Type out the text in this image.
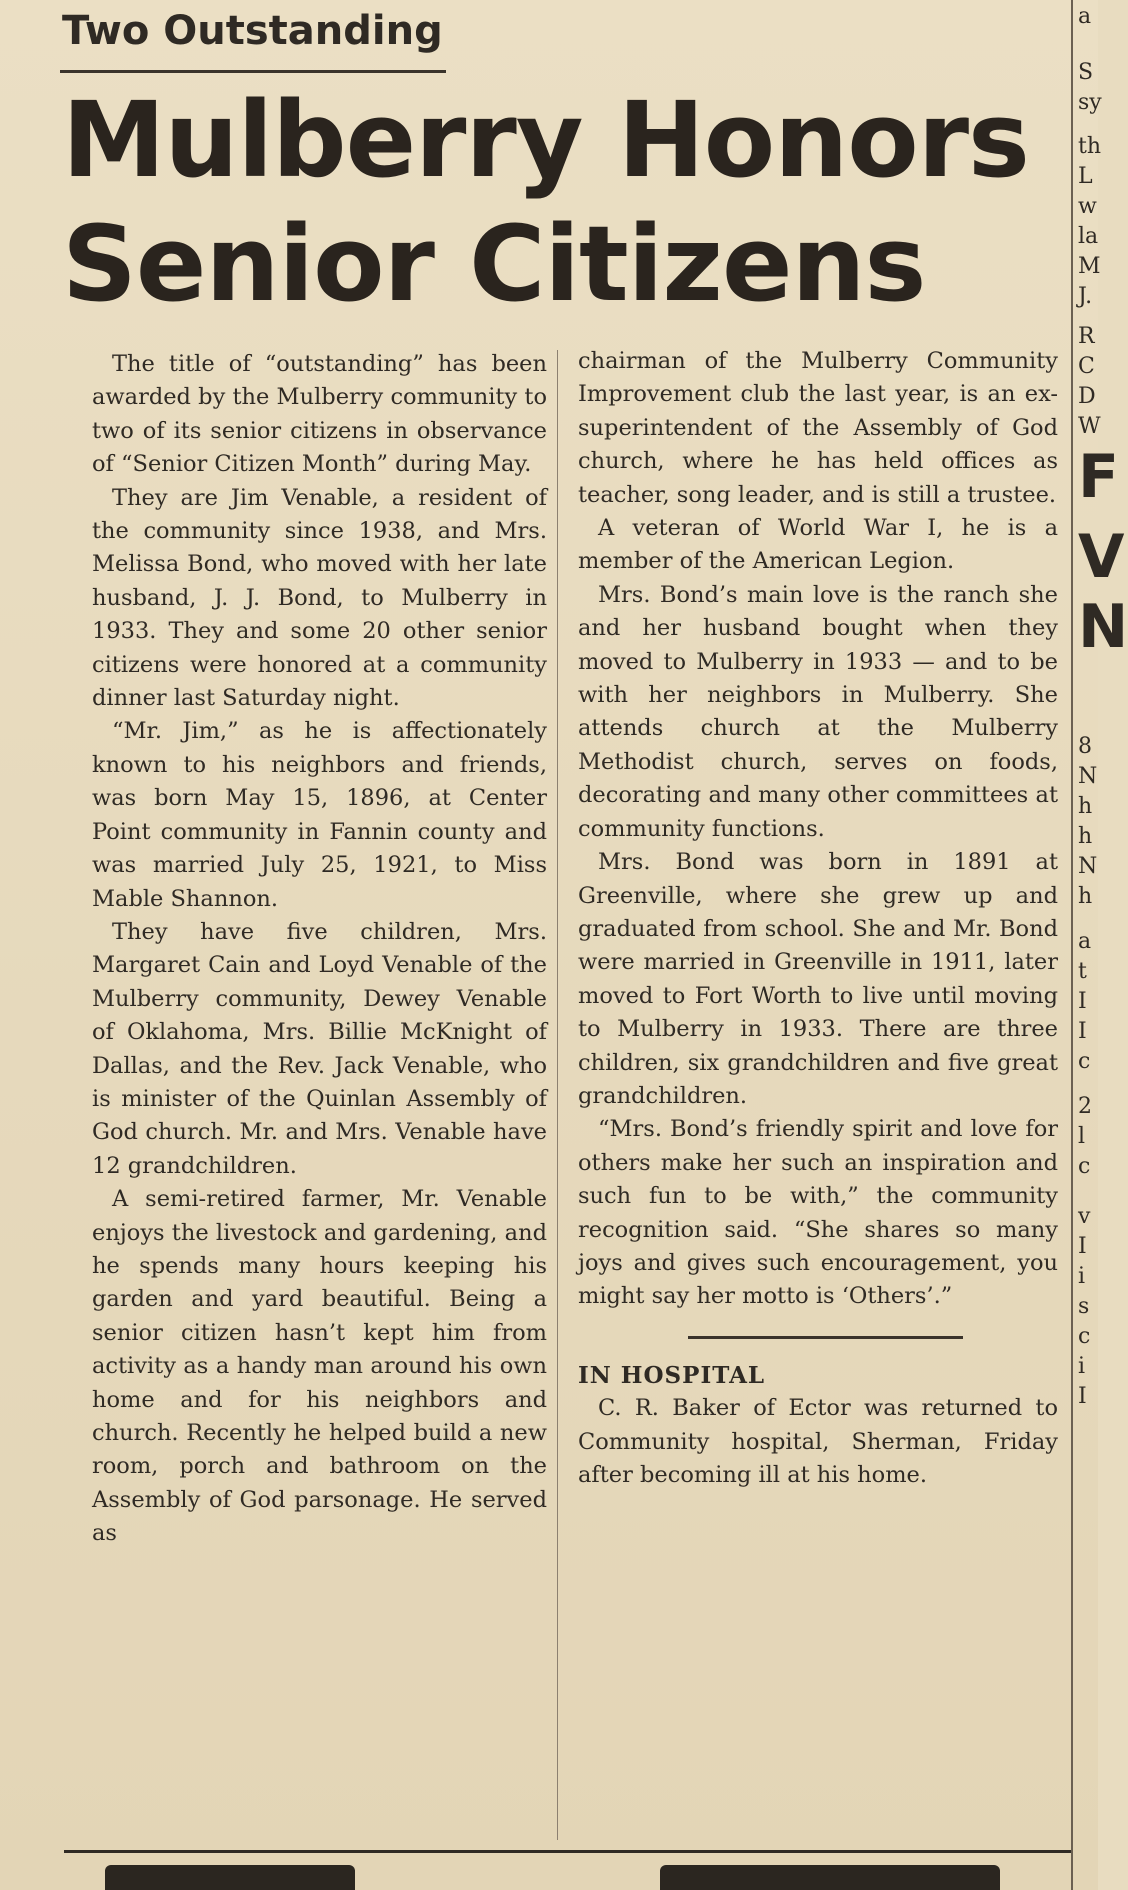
Two Outstanding
Mulberry Honors
Senior Citizens

The title of “outstanding” has been awarded by the Mulberry community to two of its senior citizens in observance of “Senior Citizen Month” during May.

They are Jim Venable, a resident of the community since 1938, and Mrs. Melissa Bond, who moved with her late husband, J. J. Bond, to Mulberry in 1933. They and some 20 other senior citizens were honored at a community dinner last Saturday night.

“Mr. Jim,” as he is affectionately known to his neighbors and friends, was born May 15, 1896, at Center Point community in Fannin county and was married July 25, 1921, to Miss Mable Shannon.

They have five children, Mrs. Margaret Cain and Loyd Venable of the Mulberry community, Dewey Venable of Oklahoma, Mrs. Billie McKnight of Dallas, and the Rev. Jack Venable, who is minister of the Quinlan Assembly of God church. Mr. and Mrs. Venable have 12 grandchildren.

A semi-retired farmer, Mr. Venable enjoys the livestock and gardening, and he spends many hours keeping his garden and yard beautiful. Being a senior citizen hasn’t kept him from activity as a handy man around his own home and for his neighbors and church. Recently he helped build a new room, porch and bathroom on the Assembly of God parsonage. He served as

chairman of the Mulberry Community Improvement club the last year, is an ex-superintendent of the Assembly of God church, where he has held offices as teacher, song leader, and is still a trustee.

A veteran of World War I, he is a member of the American Legion.

Mrs. Bond’s main love is the ranch she and her husband bought when they moved to Mulberry in 1933 — and to be with her neighbors in Mulberry. She attends church at the Mulberry Methodist church, serves on foods, decorating and many other committees at community functions.

Mrs. Bond was born in 1891 at Greenville, where she grew up and graduated from school. She and Mr. Bond were married in Greenville in 1911, later moved to Fort Worth to live until moving to Mulberry in 1933. There are three children, six grandchildren and five great grandchildren.

“Mrs. Bond’s friendly spirit and love for others make her such an inspiration and such fun to be with,” the community recognition said. “She shares so many joys and gives such encouragement, you might say her motto is ‘Others’.”

IN HOSPITAL

C. R. Baker of Ector was returned to Community hospital, Sherman, Friday after becoming ill at his home.

a
S
sy
th
L
w
la
M
J.
R
C
D
W
F
V
N
8
N
h
h
N
h
a
t
I
I
c
2
l
c
v
I
i
s
c
i
I
